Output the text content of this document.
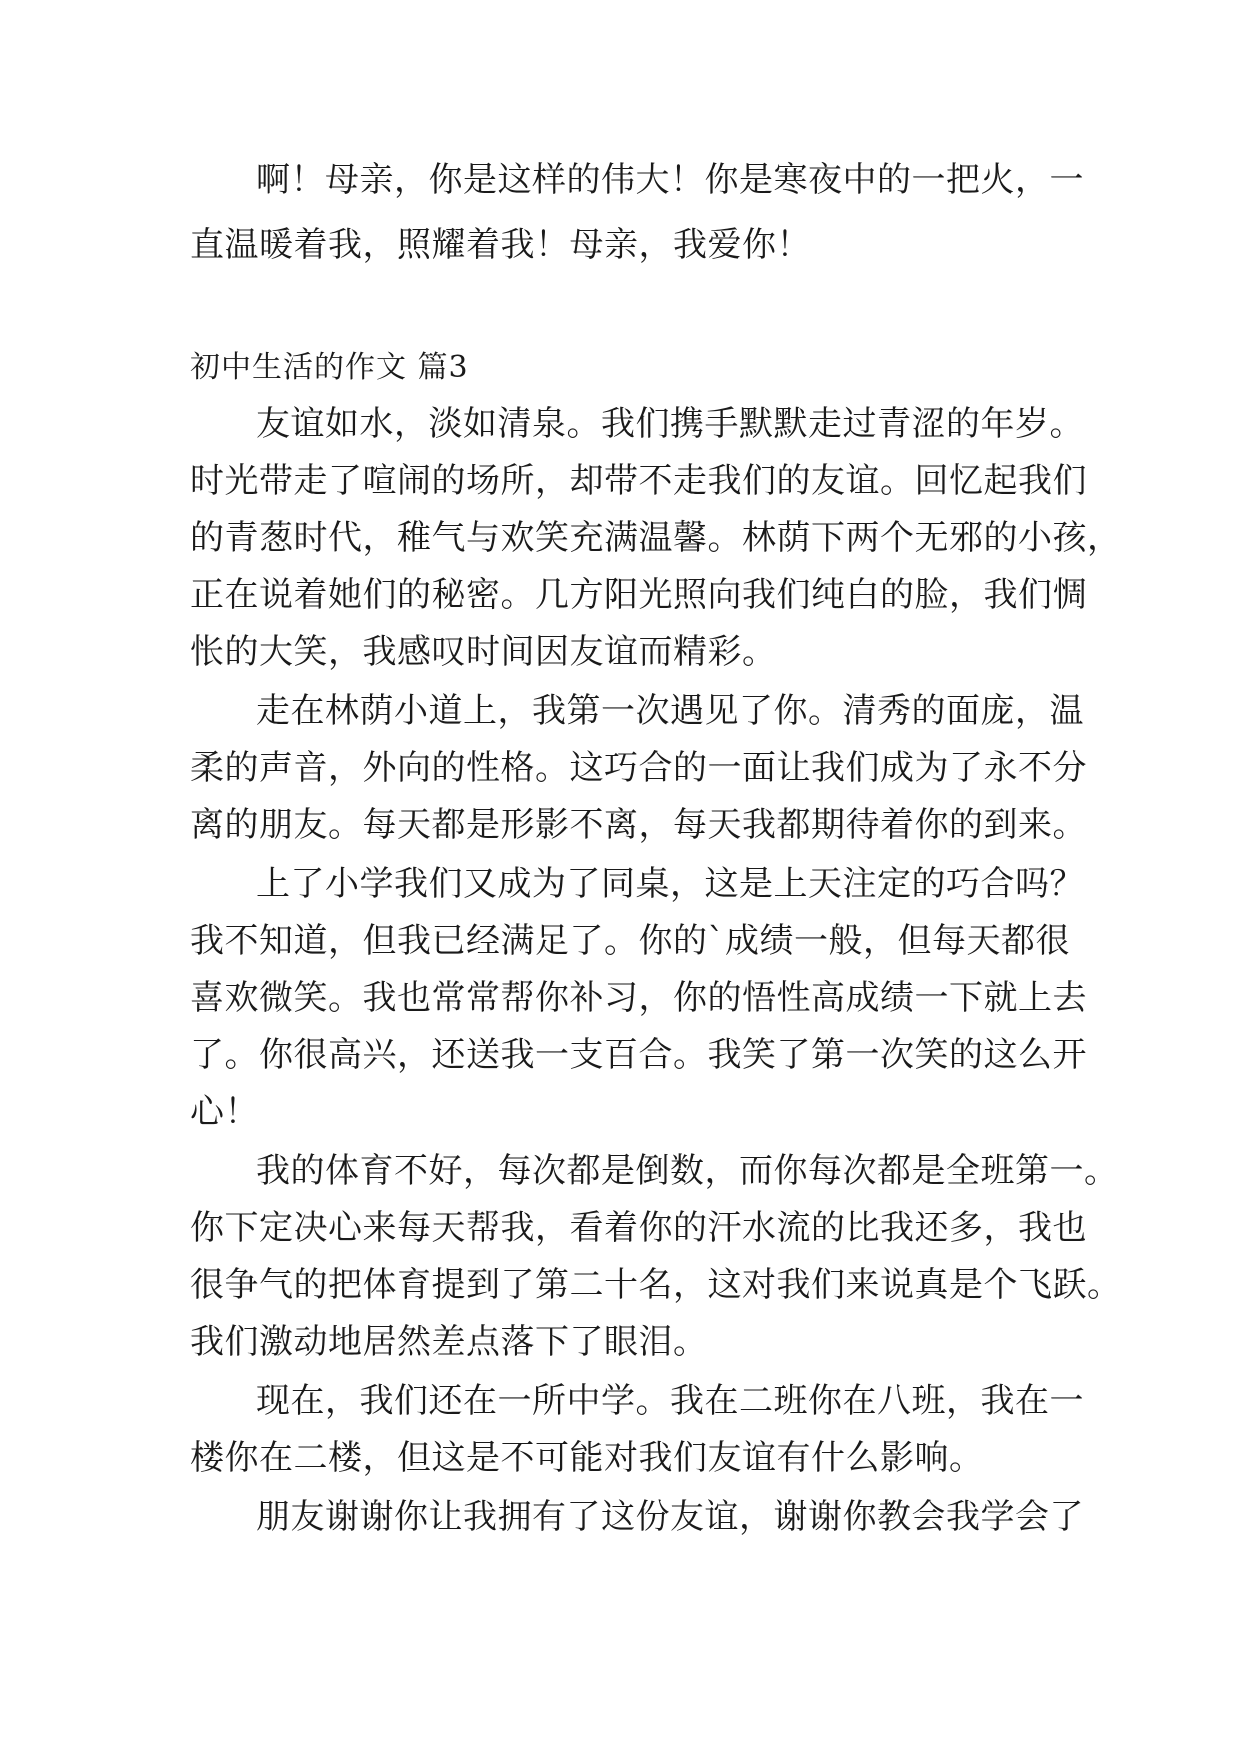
啊！母亲，你是这样的伟大！你是寒夜中的一把火，一
直温暖着我，照耀着我！母亲，我爱你！
初中生活的作文 篇3
友谊如水，淡如清泉。我们携手默默走过青涩的年岁。
时光带走了喧闹的场所，却带不走我们的友谊。回忆起我们
的青葱时代，稚气与欢笑充满温馨。林荫下两个无邪的小孩，
正在说着她们的秘密。几方阳光照向我们纯白的脸，我们惆
怅的大笑，我感叹时间因友谊而精彩。
走在林荫小道上，我第一次遇见了你。清秀的面庞，温
柔的声音，外向的性格。这巧合的一面让我们成为了永不分
离的朋友。每天都是形影不离，每天我都期待着你的到来。
上了小学我们又成为了同桌，这是上天注定的巧合吗？
我不知道，但我已经满足了。你的`成绩一般，但每天都很
喜欢微笑。我也常常帮你补习，你的悟性高成绩一下就上去
了。你很高兴，还送我一支百合。我笑了第一次笑的这么开
心！
我的体育不好，每次都是倒数，而你每次都是全班第一。
你下定决心来每天帮我，看着你的汗水流的比我还多，我也
很争气的把体育提到了第二十名，这对我们来说真是个飞跃。
我们激动地居然差点落下了眼泪。
现在，我们还在一所中学。我在二班你在八班，我在一
楼你在二楼，但这是不可能对我们友谊有什么影响。
朋友谢谢你让我拥有了这份友谊，谢谢你教会我学会了
